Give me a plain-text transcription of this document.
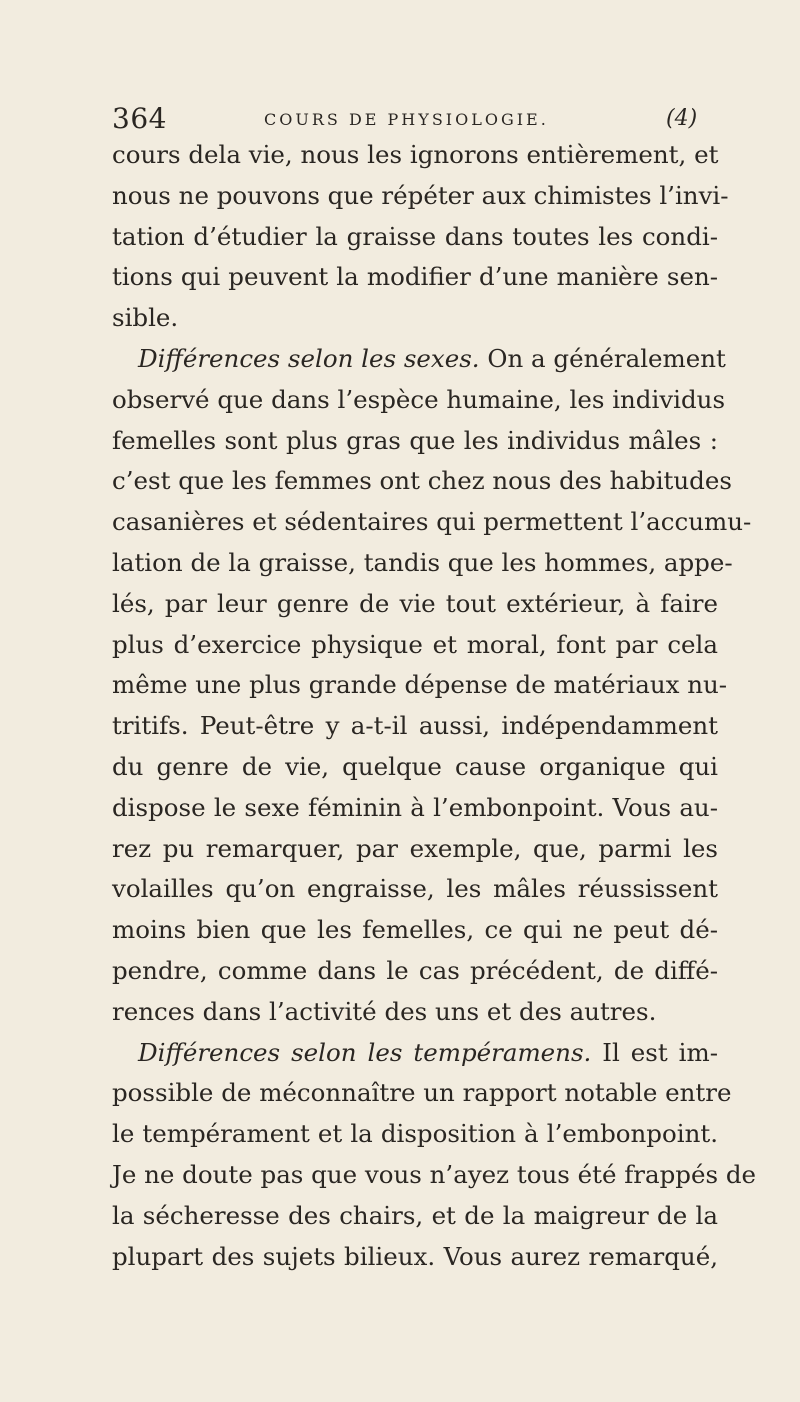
364	COURS DE PHYSIOLOGIE.	(4)
cours dela vie, nous les ignorons entièrement, et
nous ne pouvons que répéter aux chimistes l’invi-
tation d’étudier la graisse dans toutes les condi-
tions qui peuvent la modifier d’une manière sen-
sible.
Différences selon les sexes. On a généralement
observé que dans l’espèce humaine, les individus
femelles sont plus gras que les individus mâles :
c’est que les femmes ont chez nous des habitudes
casanières et sédentaires qui permettent l’accumu-
lation de la graisse, tandis que les hommes, appe-
lés, par leur genre de vie tout extérieur, à faire
plus d’exercice physique et moral, font par cela
même une plus grande dépense de matériaux nu-
tritifs. Peut-être y a-t-il aussi, indépendamment
du genre de vie, quelque cause organique qui
dispose le sexe féminin à l’embonpoint. Vous au-
rez pu remarquer, par exemple, que, parmi les
volailles qu’on engraisse, les mâles réussissent
moins bien que les femelles, ce qui ne peut dé-
pendre, comme dans le cas précédent, de diffé-
rences dans l’activité des uns et des autres.
Différences selon les tempéramens. Il est im-
possible de méconnaître un rapport notable entre
le tempérament et la disposition à l’embonpoint.
Je ne doute pas que vous n’ayez tous été frappés de
la sécheresse des chairs, et de la maigreur de la
plupart des sujets bilieux. Vous aurez remarqué,
